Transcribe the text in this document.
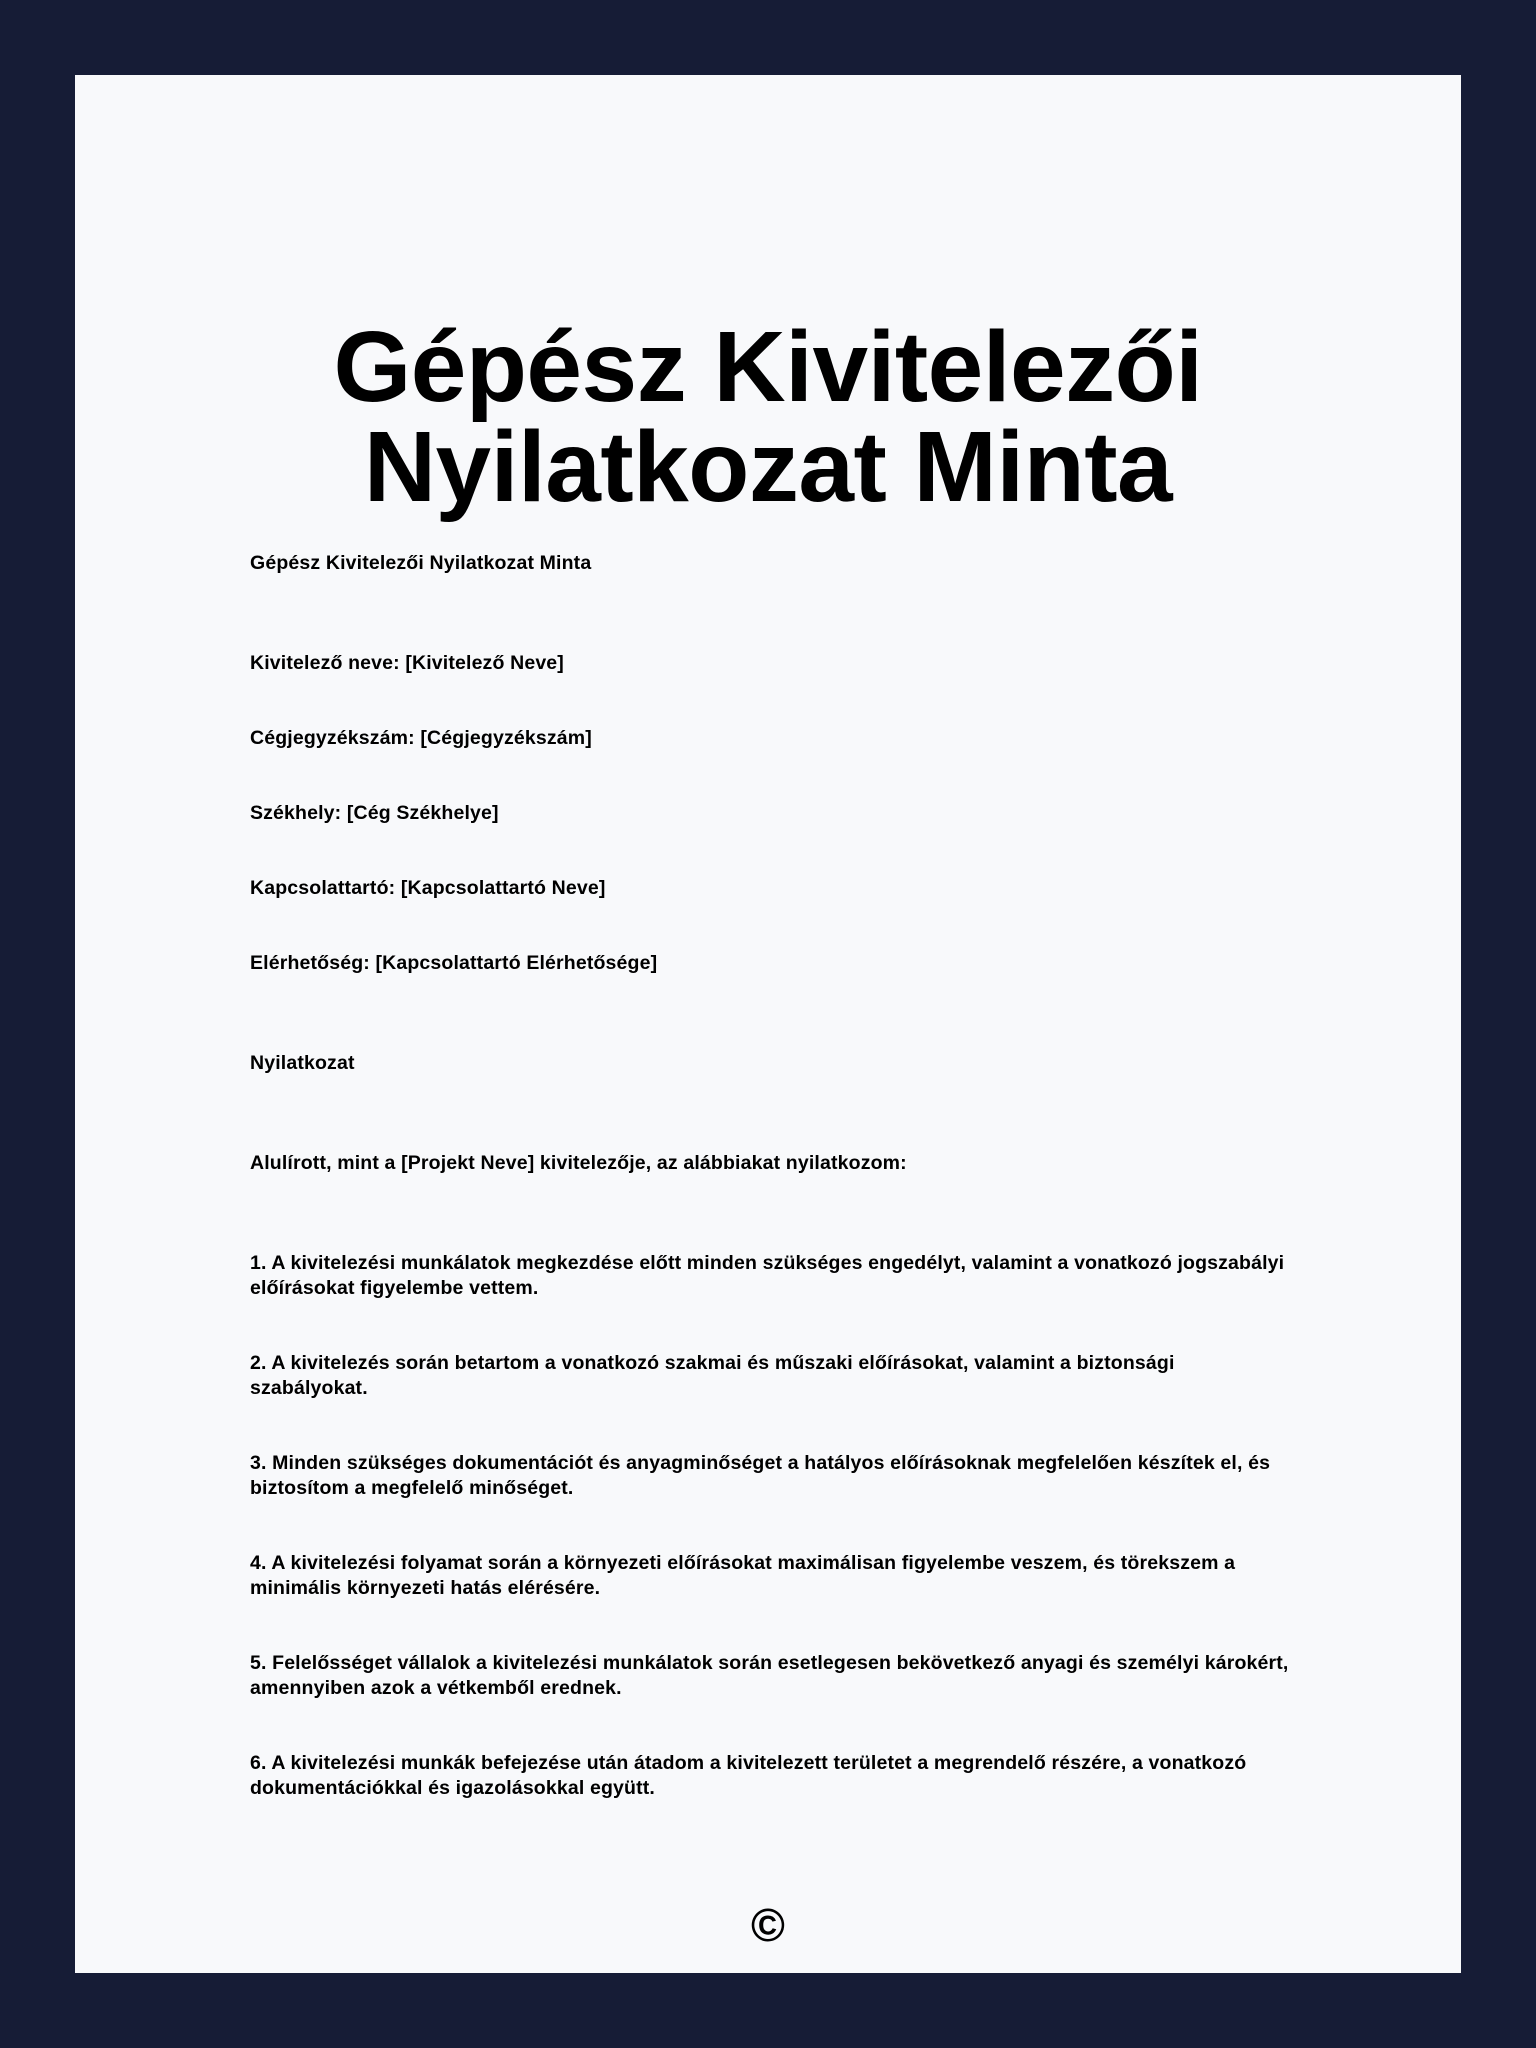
Gépész Kivitelezői
Nyilatkozat Minta

Gépész Kivitelezői Nyilatkozat Minta

Kivitelező neve: [Kivitelező Neve]

Cégjegyzékszám: [Cégjegyzékszám]

Székhely: [Cég Székhelye]

Kapcsolattartó: [Kapcsolattartó Neve]

Elérhetőség: [Kapcsolattartó Elérhetősége]

Nyilatkozat

Alulírott, mint a [Projekt Neve] kivitelezője, az alábbiakat nyilatkozom:

1. A kivitelezési munkálatok megkezdése előtt minden szükséges engedélyt, valamint a vonatkozó jogszabályi előírásokat figyelembe vettem.

2. A kivitelezés során betartom a vonatkozó szakmai és műszaki előírásokat, valamint a biztonsági szabályokat.

3. Minden szükséges dokumentációt és anyagminőséget a hatályos előírásoknak megfelelően készítek el, és biztosítom a megfelelő minőséget.

4. A kivitelezési folyamat során a környezeti előírásokat maximálisan figyelembe veszem, és törekszem a minimális környezeti hatás elérésére.

5. Felelősséget vállalok a kivitelezési munkálatok során esetlegesen bekövetkező anyagi és személyi károkért, amennyiben azok a vétkemből erednek.

6. A kivitelezési munkák befejezése után átadom a kivitelezett területet a megrendelő részére, a vonatkozó dokumentációkkal és igazolásokkal együtt.

©
